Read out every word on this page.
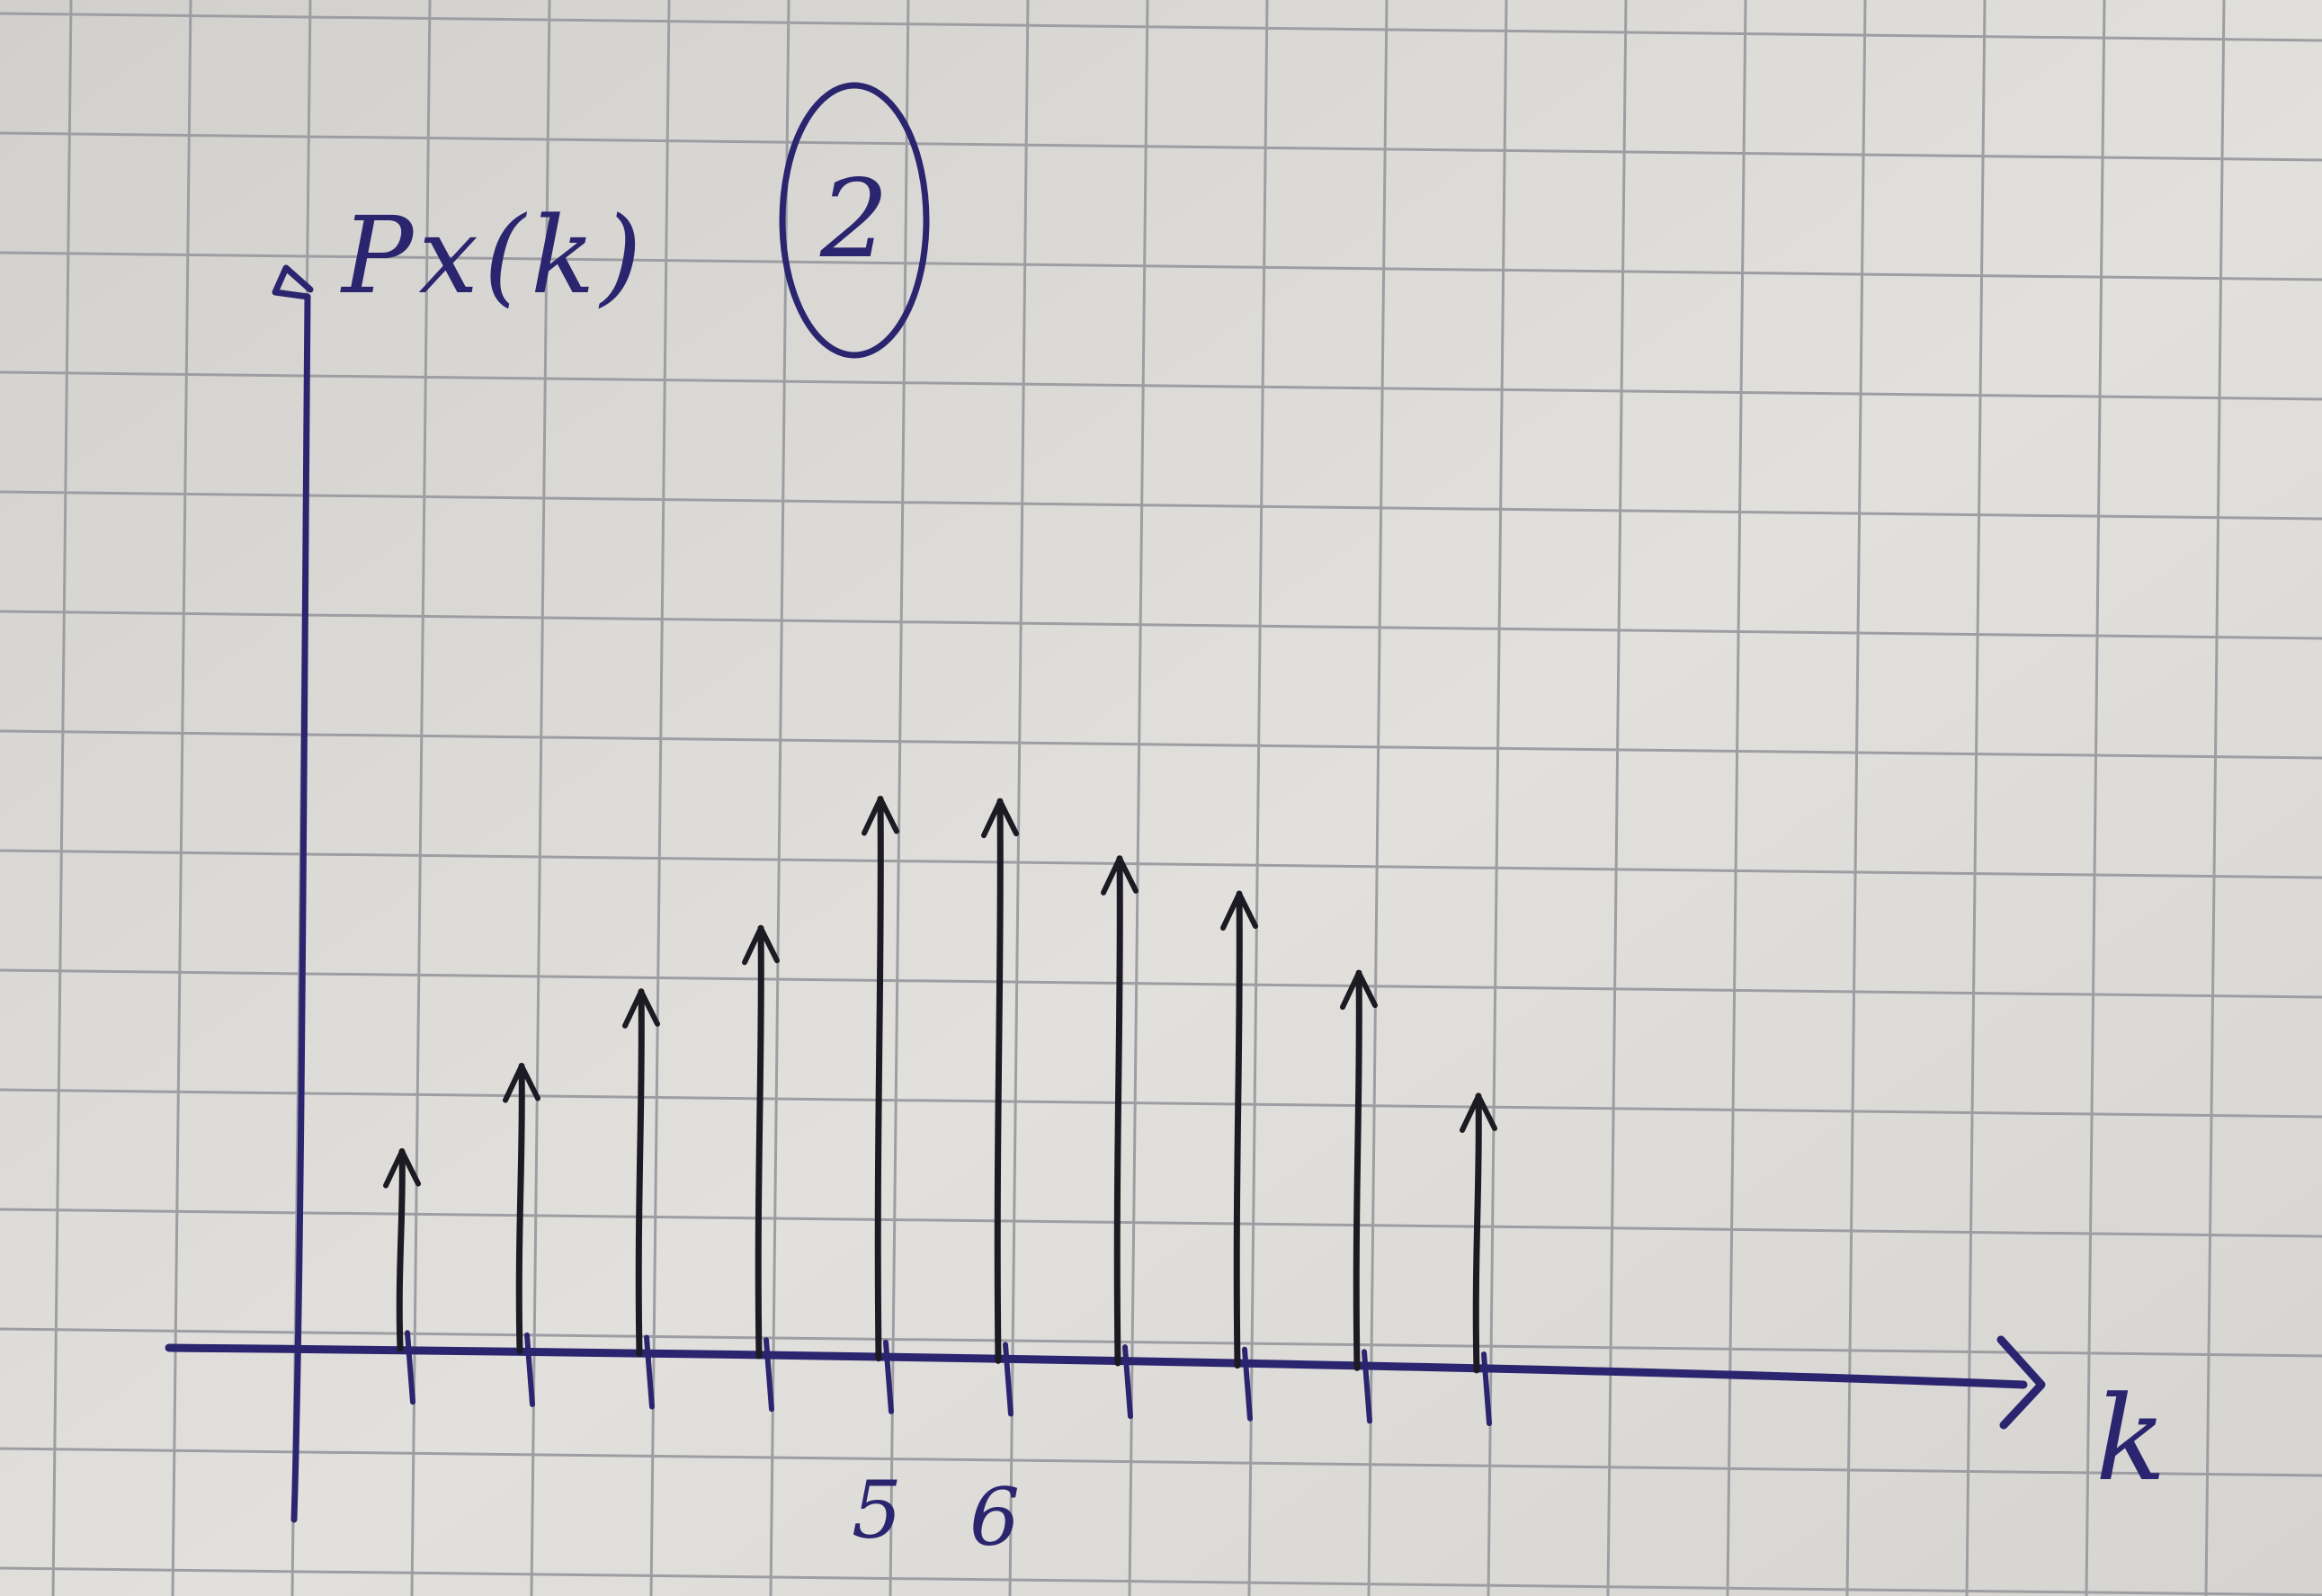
Px(k) 2
k
5 6
